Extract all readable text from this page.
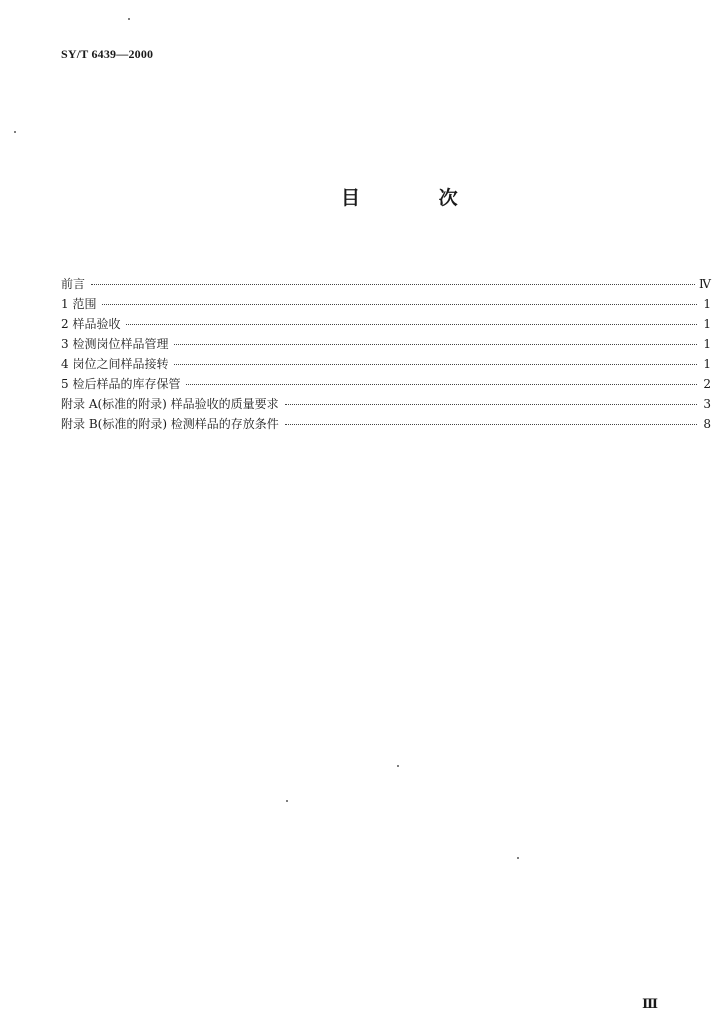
SY/T 6439—2000
目 次
前言	Ⅳ
1 范围	1
2 样品验收	1
3 检测岗位样品管理	1
4 岗位之间样品接转	1
5 检后样品的库存保管	2
附录 A(标准的附录) 样品验收的质量要求	3
附录 B(标准的附录) 检测样品的存放条件	8
Ⅲ
